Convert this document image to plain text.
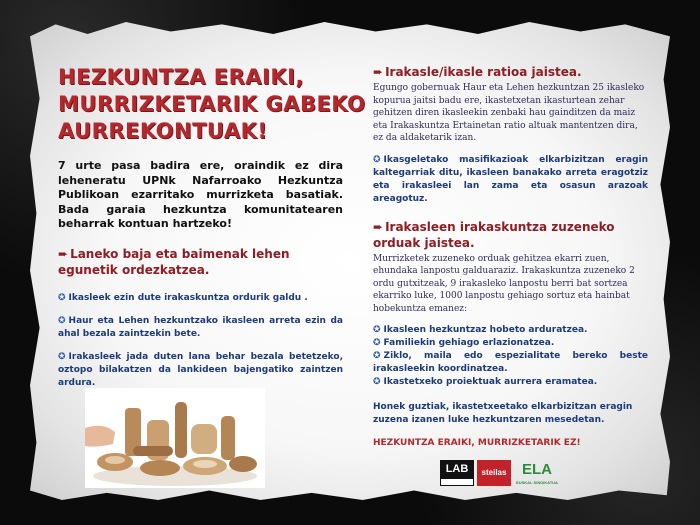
HEZKUNTZA ERAIKI,
MURRIZKETARIK GABEKO
AURREKONTUAK!

7 urte pasa badira ere, oraindik ez dira leheneratu UPNk Nafarroako Hezkuntza Publikoan ezarritako murrizketa basatiak. Bada garaia hezkuntza komunitatearen beharrak kontuan hartzeko!

➨ Laneko baja eta baimenak lehen egunetik ordezkatzea.

✪ Ikasleek ezin dute irakaskuntza ordurik galdu .

✪ Haur eta Lehen hezkuntzako ikasleen arreta ezin da ahal bezala zaintzekin bete.

✪ Irakasleek jada duten lana behar bezala betetzeko, oztopo bilakatzen da lankideen bajengatiko zaintzen ardura.

➨ Irakasle/ikasle ratioa jaistea.

Egungo gobernuak Haur eta Lehen hezkuntzan 25 ikasleko kopurua jaitsi badu ere, ikastetxetan ikasturtean zehar gehitzen diren ikasleekin zenbaki hau gainditzen da maiz eta Irakaskuntza Ertainetan ratio altuak mantentzen dira, ez da aldaketarik izan.

✪ Ikasgeletako masifikazioak elkarbizitzan eragin kaltegarriak ditu, ikasleen banakako arreta eragotziz eta irakasleei lan zama eta osasun arazoak areagotuz.

➨ Irakasleen irakaskuntza zuzeneko orduak jaistea.

Murrizketek zuzeneko orduak gehitzea ekarri zuen, ehundaka lanpostu galduaraziz. Irakaskuntza zuzeneko 2 ordu gutxitzeak, 9 irakasleko lanpostu berri bat sortzea ekarriko luke, 1000 lanpostu gehiago sortuz eta hainbat hobekuntza emanez:

✪ Ikasleen hezkuntzaz hobeto arduratzea.

✪ Familiekin gehiago erlazionatzea.

✪ Ziklo, maila edo espezialitate bereko beste irakasleekin koordinatzea.

✪ Ikastetxeko proiektuak aurrera eramatea.

Honek guztiak, ikastetxeetako elkarbizitzan eragin zuzena izanen luke hezkuntzaren mesedetan.

HEZKUNTZA ERAIKI, MURRIZKETARIK EZ!

LAB	steilas	ELA
EUSKAL SINDIKATUA
